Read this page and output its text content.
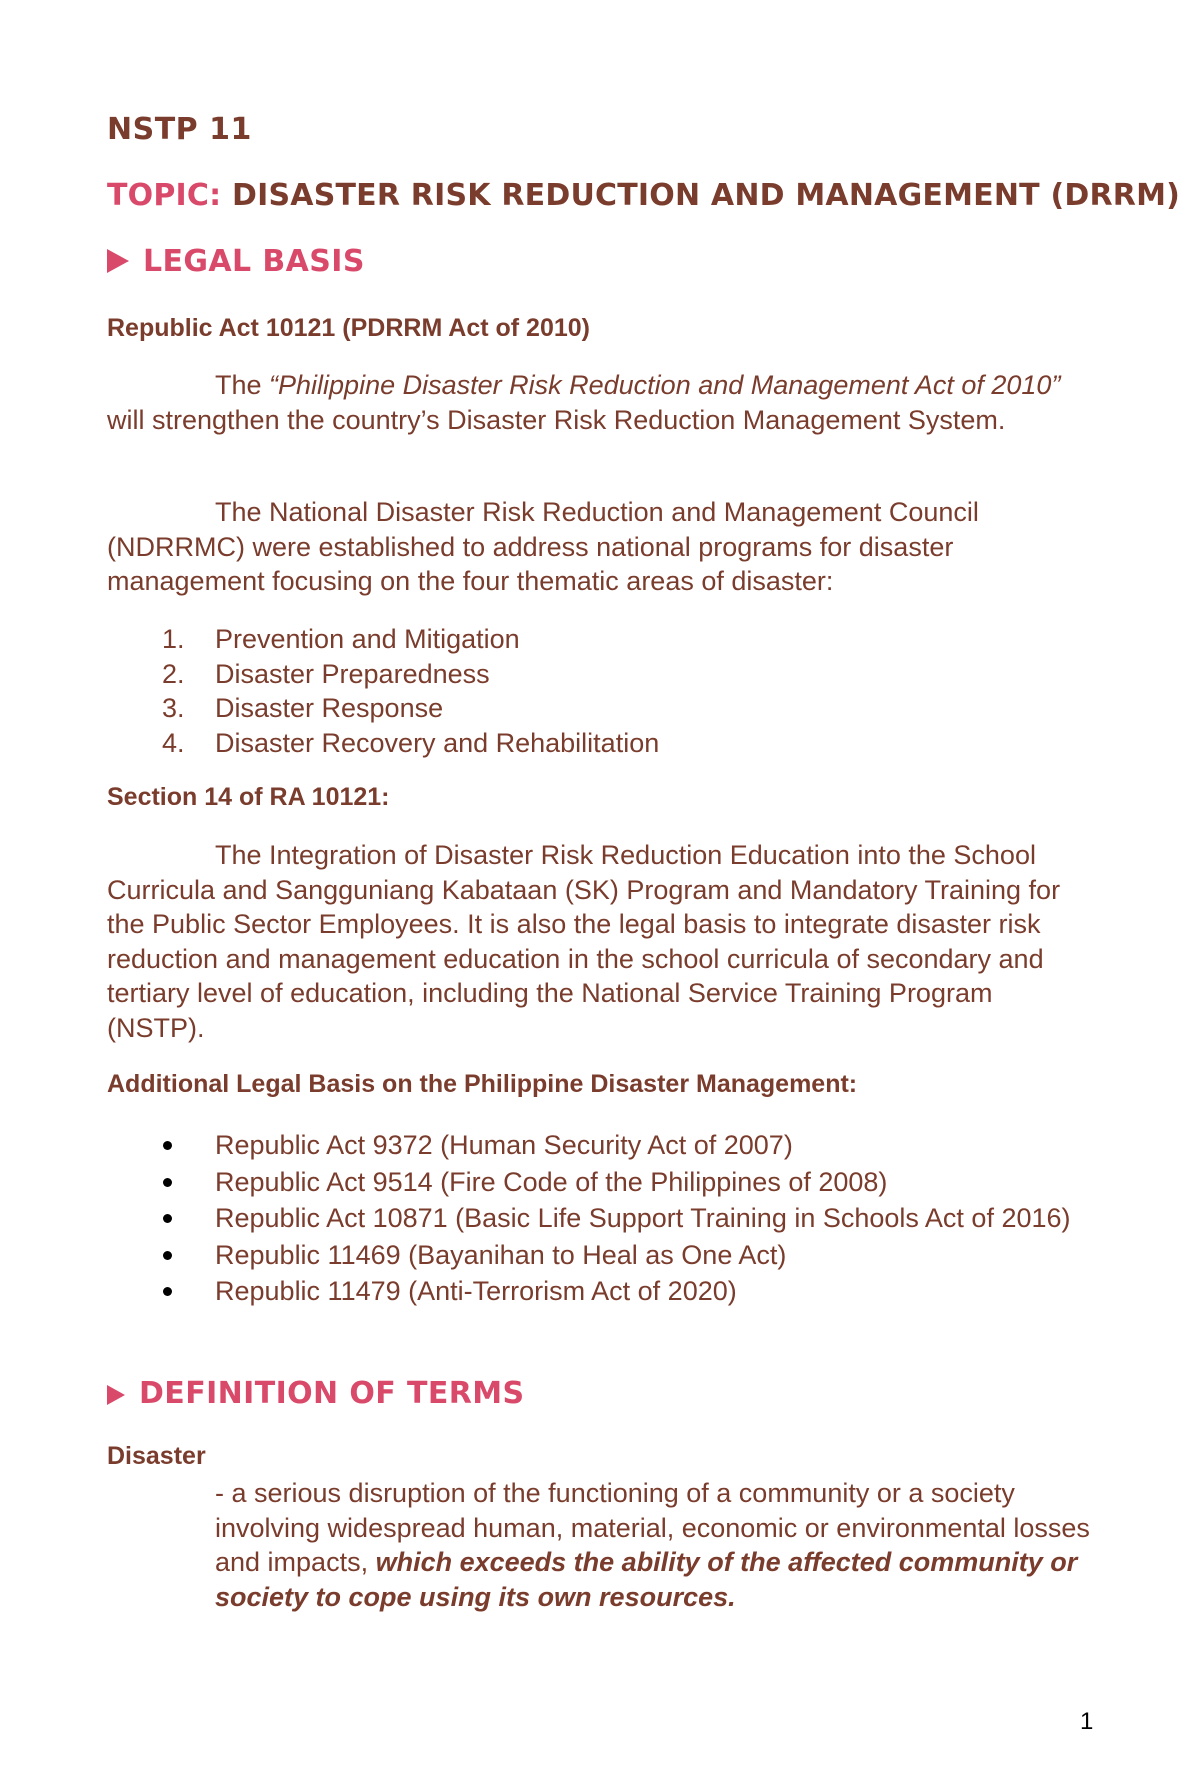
NSTP 11
TOPIC: DISASTER RISK REDUCTION AND MANAGEMENT (DRRM)
LEGAL BASIS
Republic Act 10121 (PDRRM Act of 2010)
The “Philippine Disaster Risk Reduction and Management Act of 2010” will strengthen the country’s Disaster Risk Reduction Management System.
The National Disaster Risk Reduction and Management Council (NDRRMC) were established to address national programs for disaster management focusing on the four thematic areas of disaster:
1. Prevention and Mitigation
2. Disaster Preparedness
3. Disaster Response
4. Disaster Recovery and Rehabilitation
Section 14 of RA 10121:
The Integration of Disaster Risk Reduction Education into the School Curricula and Sangguniang Kabataan (SK) Program and Mandatory Training for the Public Sector Employees. It is also the legal basis to integrate disaster risk reduction and management education in the school curricula of secondary and tertiary level of education, including the National Service Training Program (NSTP).
Additional Legal Basis on the Philippine Disaster Management:
Republic Act 9372 (Human Security Act of 2007)
Republic Act 9514 (Fire Code of the Philippines of 2008)
Republic Act 10871 (Basic Life Support Training in Schools Act of 2016)
Republic 11469 (Bayanihan to Heal as One Act)
Republic 11479 (Anti-Terrorism Act of 2020)
DEFINITION OF TERMS
Disaster
- a serious disruption of the functioning of a community or a society involving widespread human, material, economic or environmental losses and impacts, which exceeds the ability of the affected community or society to cope using its own resources.
1
